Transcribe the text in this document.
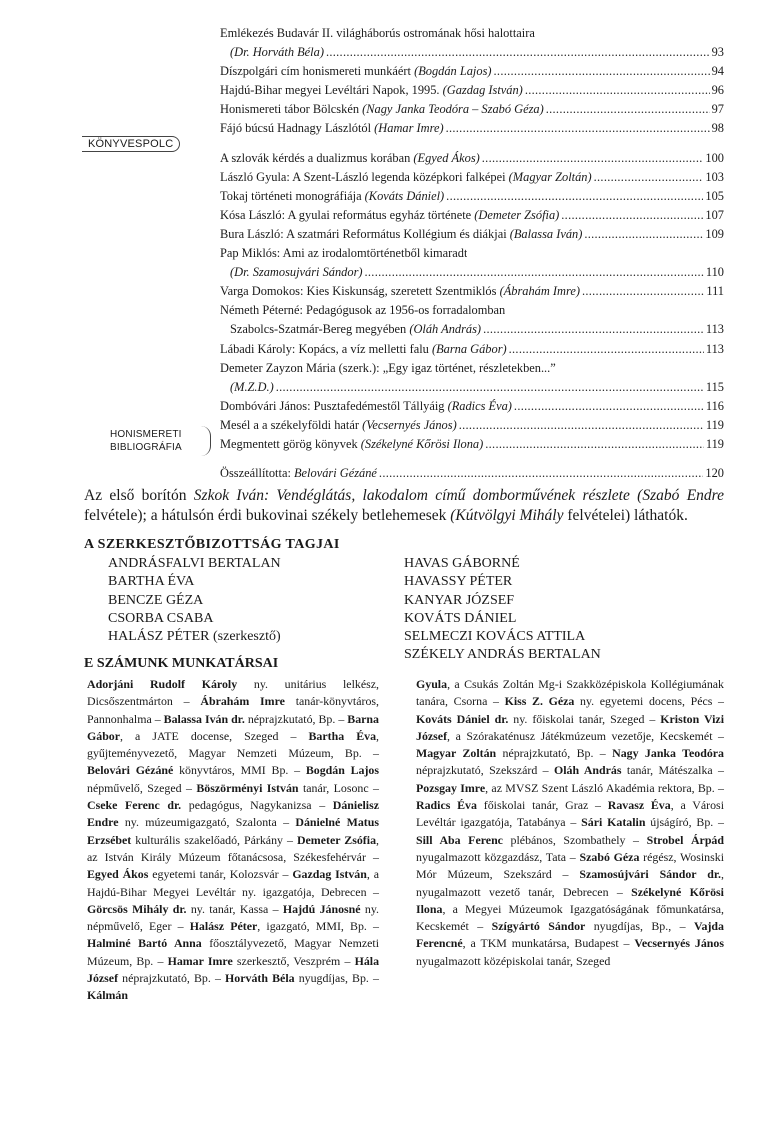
Emlékezés Budavár II. világháborús ostromának hősi halottaira
(Dr. Horváth Béla) .....	93
Díszpolgári cím honismereti munkáért (Bogdán Lajos) .....	94
Hajdú-Bihar megyei Levéltári Napok, 1995. (Gazdag István) .....	96
Honismereti tábor Bölcskén (Nagy Janka Teodóra – Szabó Géza) .....	97
Fájó búcsú Hadnagy Lászlótól (Hamar Imre) .....	98
A szlovák kérdés a dualizmus korában (Egyed Ákos) .....	100
László Gyula: A Szent-László legenda középkori falképei (Magyar Zoltán) .....	103
Tokaj történeti monográfiája (Kováts Dániel) .....	105
Kósa László: A gyulai református egyház története (Demeter Zsófia) .....	107
Bura László: A szatmári Református Kollégium és diákjai (Balassa Iván) .....	109
Pap Miklós: Ami az irodalomtörténetből kimaradt
(Dr. Szamosujvári Sándor) .....	110
Varga Domokos: Kies Kiskunság, szeretett Szentmiklós (Ábrahám Imre) .....	111
Németh Péterné: Pedagógusok az 1956-os forradalomban
Szabolcs-Szatmár-Bereg megyében (Oláh András) .....	113
Lábadi Károly: Kopács, a víz melletti falu (Barna Gábor) .....	113
Demeter Zayzon Mária (szerk.): „Egy igaz történet, részletekben...”
(M.Z.D.) .....	115
Dombóvári János: Pusztafedémestől Tállyáig (Radics Éva) .....	116
Mesél a a székelyföldi határ (Vecsernyés János) .....	119
Megmentett görög könyvek (Székelyné Kőrösi Ilona) .....	119
Összeállította: Belovári Gézáné .....	120
KÖNYVESPOLC
HONISMERETI
BIBLIOGRÁFIA
Az első borítón Szkok Iván: Vendéglátás, lakodalom című domborművének részlete (Szabó Endre felvétele); a hátulsón érdi bukovinai székely betlehemesek (Kútvölgyi Mihály felvételei) láthatók.
A SZERKESZTŐBIZOTTSÁG TAGJAI
ANDRÁSFALVI BERTALAN
BARTHA ÉVA
BENCZE GÉZA
CSORBA CSABA
HALÁSZ PÉTER (szerkesztő)
HAVAS GÁBORNÉ
HAVASSY PÉTER
KANYAR JÓZSEF
KOVÁTS DÁNIEL
SELMECZI KOVÁCS ATTILA
SZÉKELY ANDRÁS BERTALAN
E SZÁMUNK MUNKATÁRSAI
Adorjáni Rudolf Károly ny. unitárius lelkész, Dicsőszentmárton – Ábrahám Imre tanár-könyvtáros, Pannonhalma – Balassa Iván dr. néprajzkutató, Bp. – Barna Gábor, a JATE docense, Szeged – Bartha Éva, gyűjteményvezető, Magyar Nemzeti Múzeum, Bp. – Belovári Gézáné könyvtáros, MMI Bp. – Bogdán Lajos népművelő, Szeged – Böszörményi István tanár, Losonc – Cseke Ferenc dr. pedagógus, Nagykanizsa – Dánielisz Endre ny. múzeumigazgató, Szalonta – Dánielné Matus Erzsébet kulturális szakelőadó, Párkány – Demeter Zsófia, az István Király Múzeum főtanácsosa, Székesfehérvár – Egyed Ákos egyetemi tanár, Kolozsvár – Gazdag István, a Hajdú-Bihar Megyei Levéltár ny. igazgatója, Debrecen – Görcsös Mihály dr. ny. tanár, Kassa – Hajdú Jánosné ny. népművelő, Eger – Halász Péter, igazgató, MMI, Bp. – Halminé Bartó Anna főosztályvezető, Magyar Nemzeti Múzeum, Bp. – Hamar Imre szerkesztő, Veszprém – Hála József néprajzkutató, Bp. – Horváth Béla nyugdíjas, Bp. – Kálmán
Gyula, a Csukás Zoltán Mg-i Szakközépiskola Kollégiumának tanára, Csorna – Kiss Z. Géza ny. egyetemi docens, Pécs – Kováts Dániel dr. ny. főiskolai tanár, Szeged – Kriston Vizi József, a Szórakaténusz Játékmúzeum vezetője, Kecskemét – Magyar Zoltán néprajzkutató, Bp. – Nagy Janka Teodóra néprajzkutató, Szekszárd – Oláh András tanár, Mátészalka – Pozsgay Imre, az MVSZ Szent László Akadémia rektora, Bp. – Radics Éva főiskolai tanár, Graz – Ravasz Éva, a Városi Levéltár igazgatója, Tatabánya – Sári Katalin újságíró, Bp. – Sill Aba Ferenc plébános, Szombathely – Strobel Árpád nyugalmazott közgazdász, Tata – Szabó Géza régész, Wosinski Mór Múzeum, Szekszárd – Szamosújvári Sándor dr., nyugalmazott vezető tanár, Debrecen – Székelyné Kőrösi Ilona, a Megyei Múzeumok Igazgatóságának főmunkatársa, Kecskemét – Szígyártó Sándor nyugdíjas, Bp., – Vajda Ferencné, a TKM munkatársa, Budapest – Vecsernyés János nyugalmazott középiskolai tanár, Szeged
